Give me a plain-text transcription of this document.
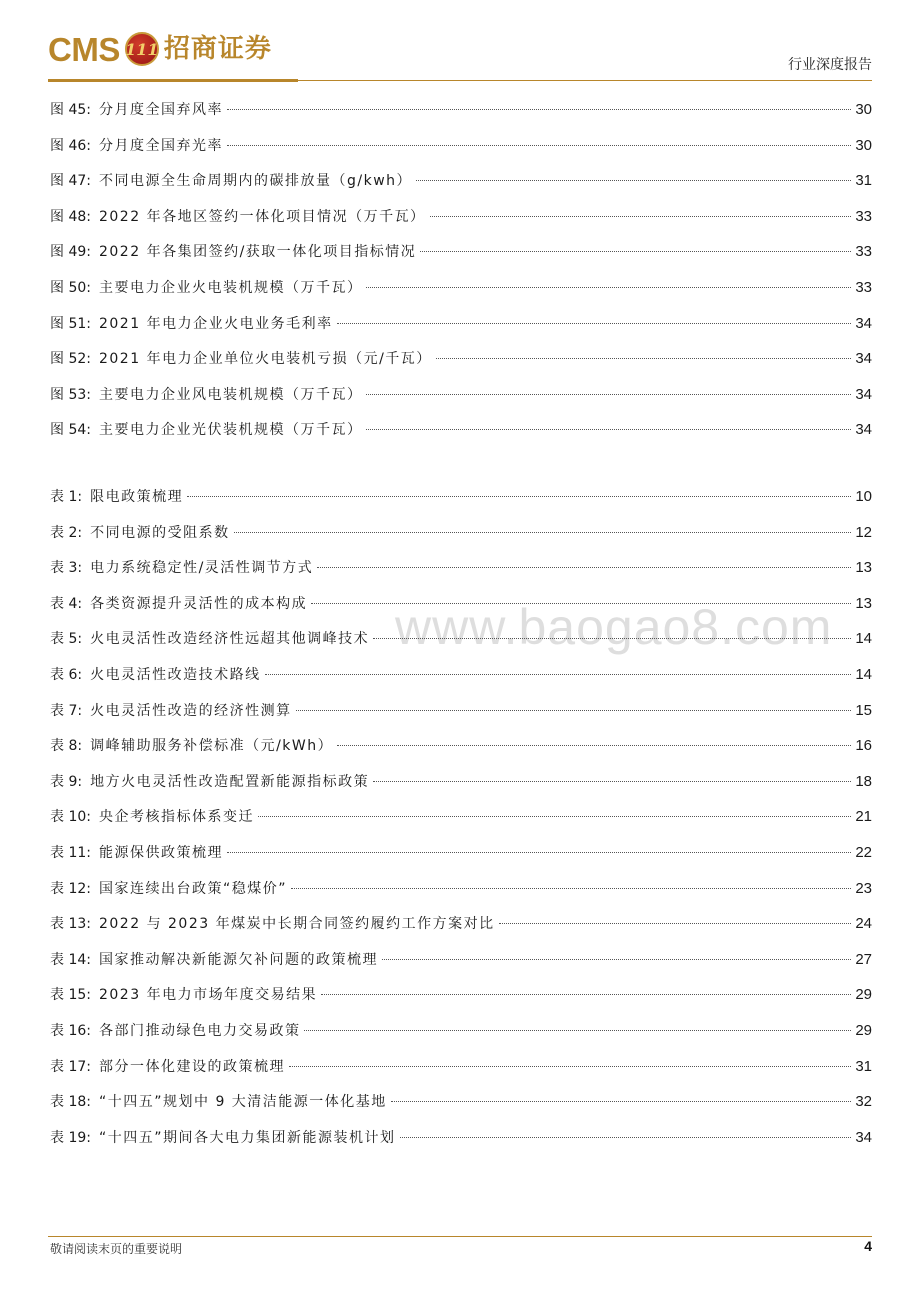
CMS 111 招商证券
行业深度报告
www.baogao8.com
图 45: 分月度全国弃风率	30
图 46: 分月度全国弃光率	30
图 47: 不同电源全生命周期内的碳排放量（g/kwh）	31
图 48: 2022 年各地区签约一体化项目情况（万千瓦）	33
图 49: 2022 年各集团签约/获取一体化项目指标情况	33
图 50: 主要电力企业火电装机规模（万千瓦）	33
图 51: 2021 年电力企业火电业务毛利率	34
图 52: 2021 年电力企业单位火电装机亏损（元/千瓦）	34
图 53: 主要电力企业风电装机规模（万千瓦）	34
图 54: 主要电力企业光伏装机规模（万千瓦）	34
表 1: 限电政策梳理	10
表 2: 不同电源的受阻系数	12
表 3: 电力系统稳定性/灵活性调节方式	13
表 4: 各类资源提升灵活性的成本构成	13
表 5: 火电灵活性改造经济性远超其他调峰技术	14
表 6: 火电灵活性改造技术路线	14
表 7: 火电灵活性改造的经济性测算	15
表 8: 调峰辅助服务补偿标准（元/kWh）	16
表 9: 地方火电灵活性改造配置新能源指标政策	18
表 10: 央企考核指标体系变迁	21
表 11: 能源保供政策梳理	22
表 12: 国家连续出台政策“稳煤价”	23
表 13: 2022 与 2023 年煤炭中长期合同签约履约工作方案对比	24
表 14: 国家推动解决新能源欠补问题的政策梳理	27
表 15: 2023 年电力市场年度交易结果	29
表 16: 各部门推动绿色电力交易政策	29
表 17: 部分一体化建设的政策梳理	31
表 18: “十四五”规划中 9 大清洁能源一体化基地	32
表 19: “十四五”期间各大电力集团新能源装机计划	34
敬请阅读末页的重要说明	4
